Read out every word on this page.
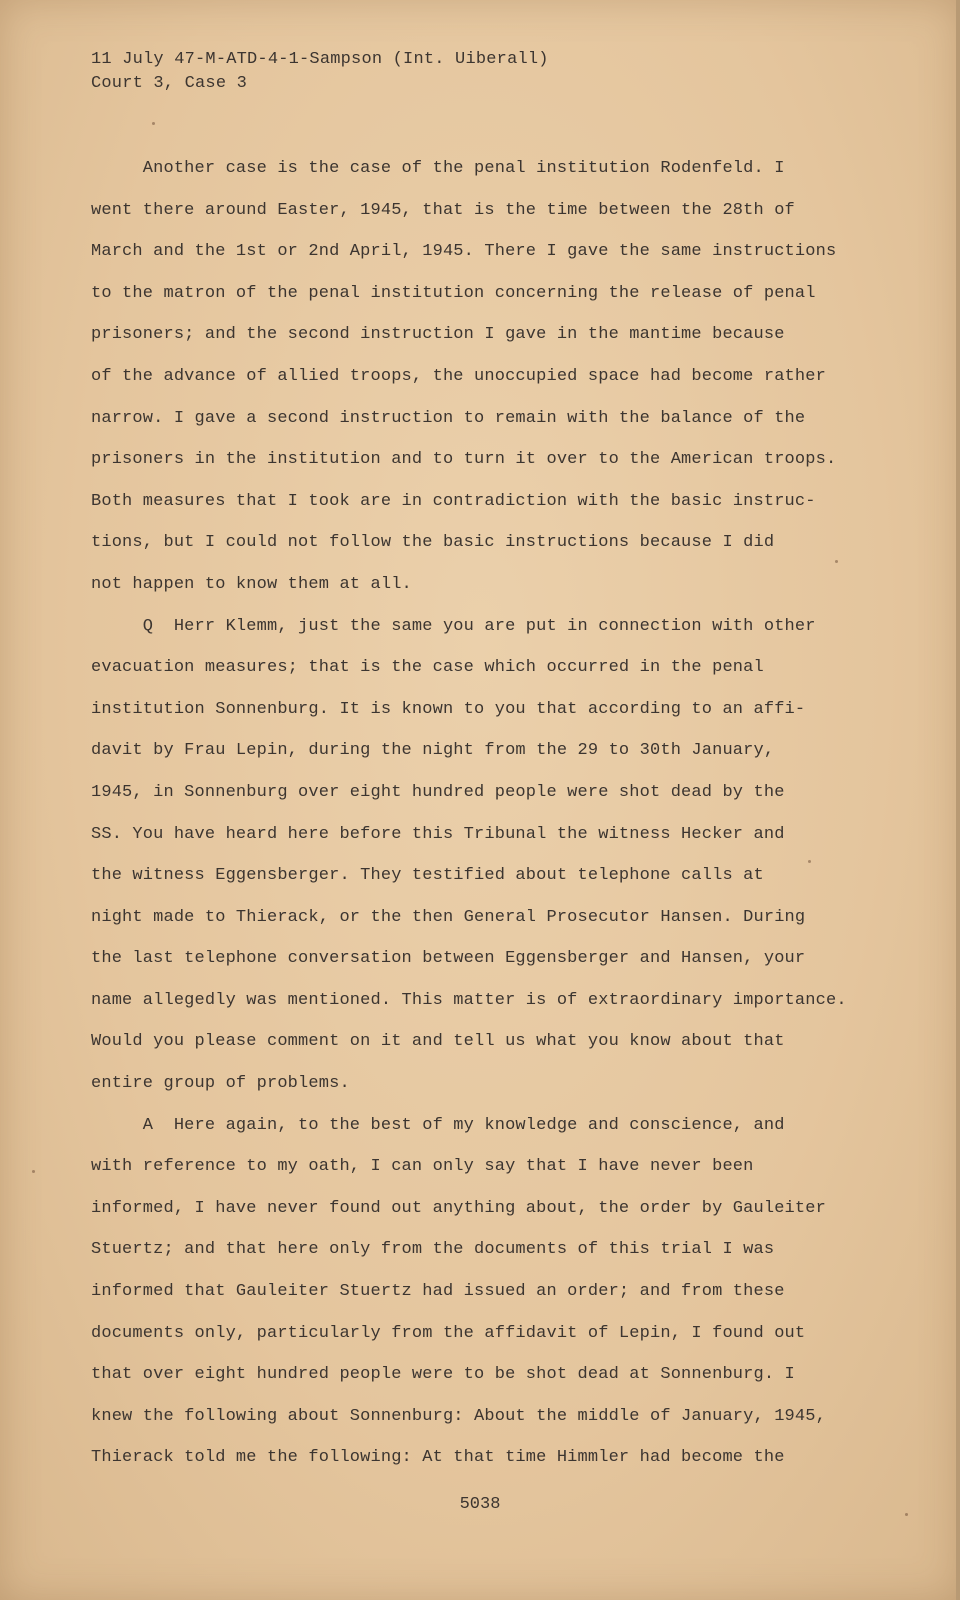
11 July 47-M-ATD-4-1-Sampson (Int. Uiberall)
Court 3, Case 3
Another case is the case of the penal institution Rodenfeld. I
went there around Easter, 1945, that is the time between the 28th of
March and the 1st or 2nd April, 1945. There I gave the same instructions
to the matron of the penal institution concerning the release of penal
prisoners; and the second instruction I gave in the mantime because
of the advance of allied troops, the unoccupied space had become rather
narrow. I gave a second instruction to remain with the balance of the
prisoners in the institution and to turn it over to the American troops.
Both measures that I took are in contradiction with the basic instruc-
tions, but I could not follow the basic instructions because I did
not happen to know them at all.
Q  Herr Klemm, just the same you are put in connection with other
evacuation measures; that is the case which occurred in the penal
institution Sonnenburg. It is known to you that according to an affi-
davit by Frau Lepin, during the night from the 29 to 30th January,
1945, in Sonnenburg over eight hundred people were shot dead by the
SS. You have heard here before this Tribunal the witness Hecker and
the witness Eggensberger. They testified about telephone calls at
night made to Thierack, or the then General Prosecutor Hansen. During
the last telephone conversation between Eggensberger and Hansen, your
name allegedly was mentioned. This matter is of extraordinary importance.
Would you please comment on it and tell us what you know about that
entire group of problems.
A  Here again, to the best of my knowledge and conscience, and
with reference to my oath, I can only say that I have never been
informed, I have never found out anything about, the order by Gauleiter
Stuertz; and that here only from the documents of this trial I was
informed that Gauleiter Stuertz had issued an order; and from these
documents only, particularly from the affidavit of Lepin, I found out
that over eight hundred people were to be shot dead at Sonnenburg. I
knew the following about Sonnenburg: About the middle of January, 1945,
Thierack told me the following: At that time Himmler had become the
5038
